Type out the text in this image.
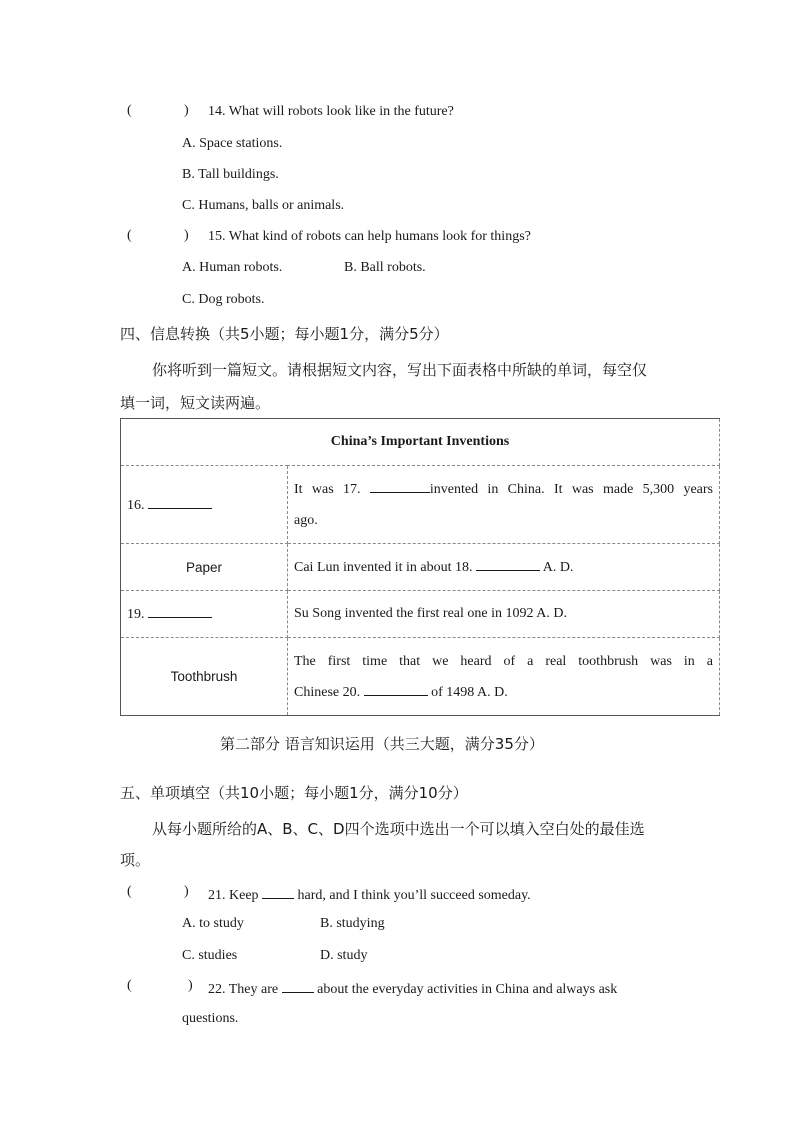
(	) 14. What will robots look like in the future?
A. Space stations.
B. Tall buildings.
C. Humans, balls or animals.
(	) 15. What kind of robots can help humans look for things?
A. Human robots.	B. Ball robots.
C. Dog robots.
四、信息转换（共5小题；每小题1分，满分5分）
你将听到一篇短文。请根据短文内容，写出下面表格中所缺的单词，每空仅
填一词，短文读两遍。
China’s Important Inventions	
16.	It was 17. invented in China. It was made 5,300 years
ago.

Paper	Cai Lun invented it in about 18. A. D.
19.	Su Song invented the first real one in 1092 A. D.
Toothbrush	The first time that we heard of a real toothbrush was in a
Chinese 20. of 1498 A. D.
第二部分 语言知识运用（共三大题，满分35分）
五、单项填空（共10小题；每小题1分，满分10分）
从每小题所给的A、B、C、D四个选项中选出一个可以填入空白处的最佳选
项。
(	) 21. Keep  hard, and I think you’ll succeed someday.
A. to study	B. studying
C. studies	D. study
(	) 22. They are  about the everyday activities in China and always ask
questions.
